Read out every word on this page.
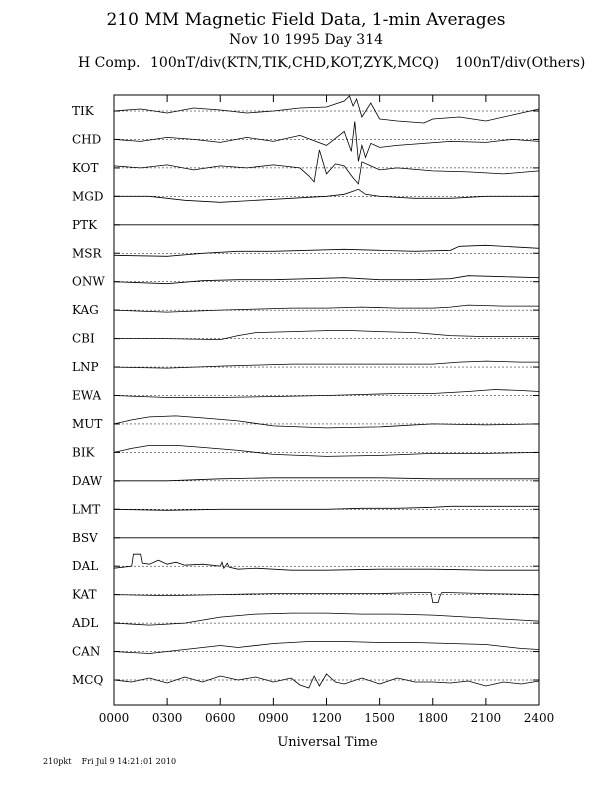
210 MM Magnetic Field Data, 1-min Averages
Nov 10 1995 Day 314
H Comp. 100nT/div(KTN,TIK,CHD,KOT,ZYK,MCQ) 100nT/div(Others)
0000 0300 0600 0900 1200 1500 1800 2100 2400
TIK
CHD
KOT
MGD
PTK
MSR
ONW
KAG
CBI
LNP
EWA
MUT
BIK
DAW
LMT
BSV
DAL
KAT
ADL
CAN
MCQ
Universal Time
210pkt Fri Jul 9 14:21:01 2010
